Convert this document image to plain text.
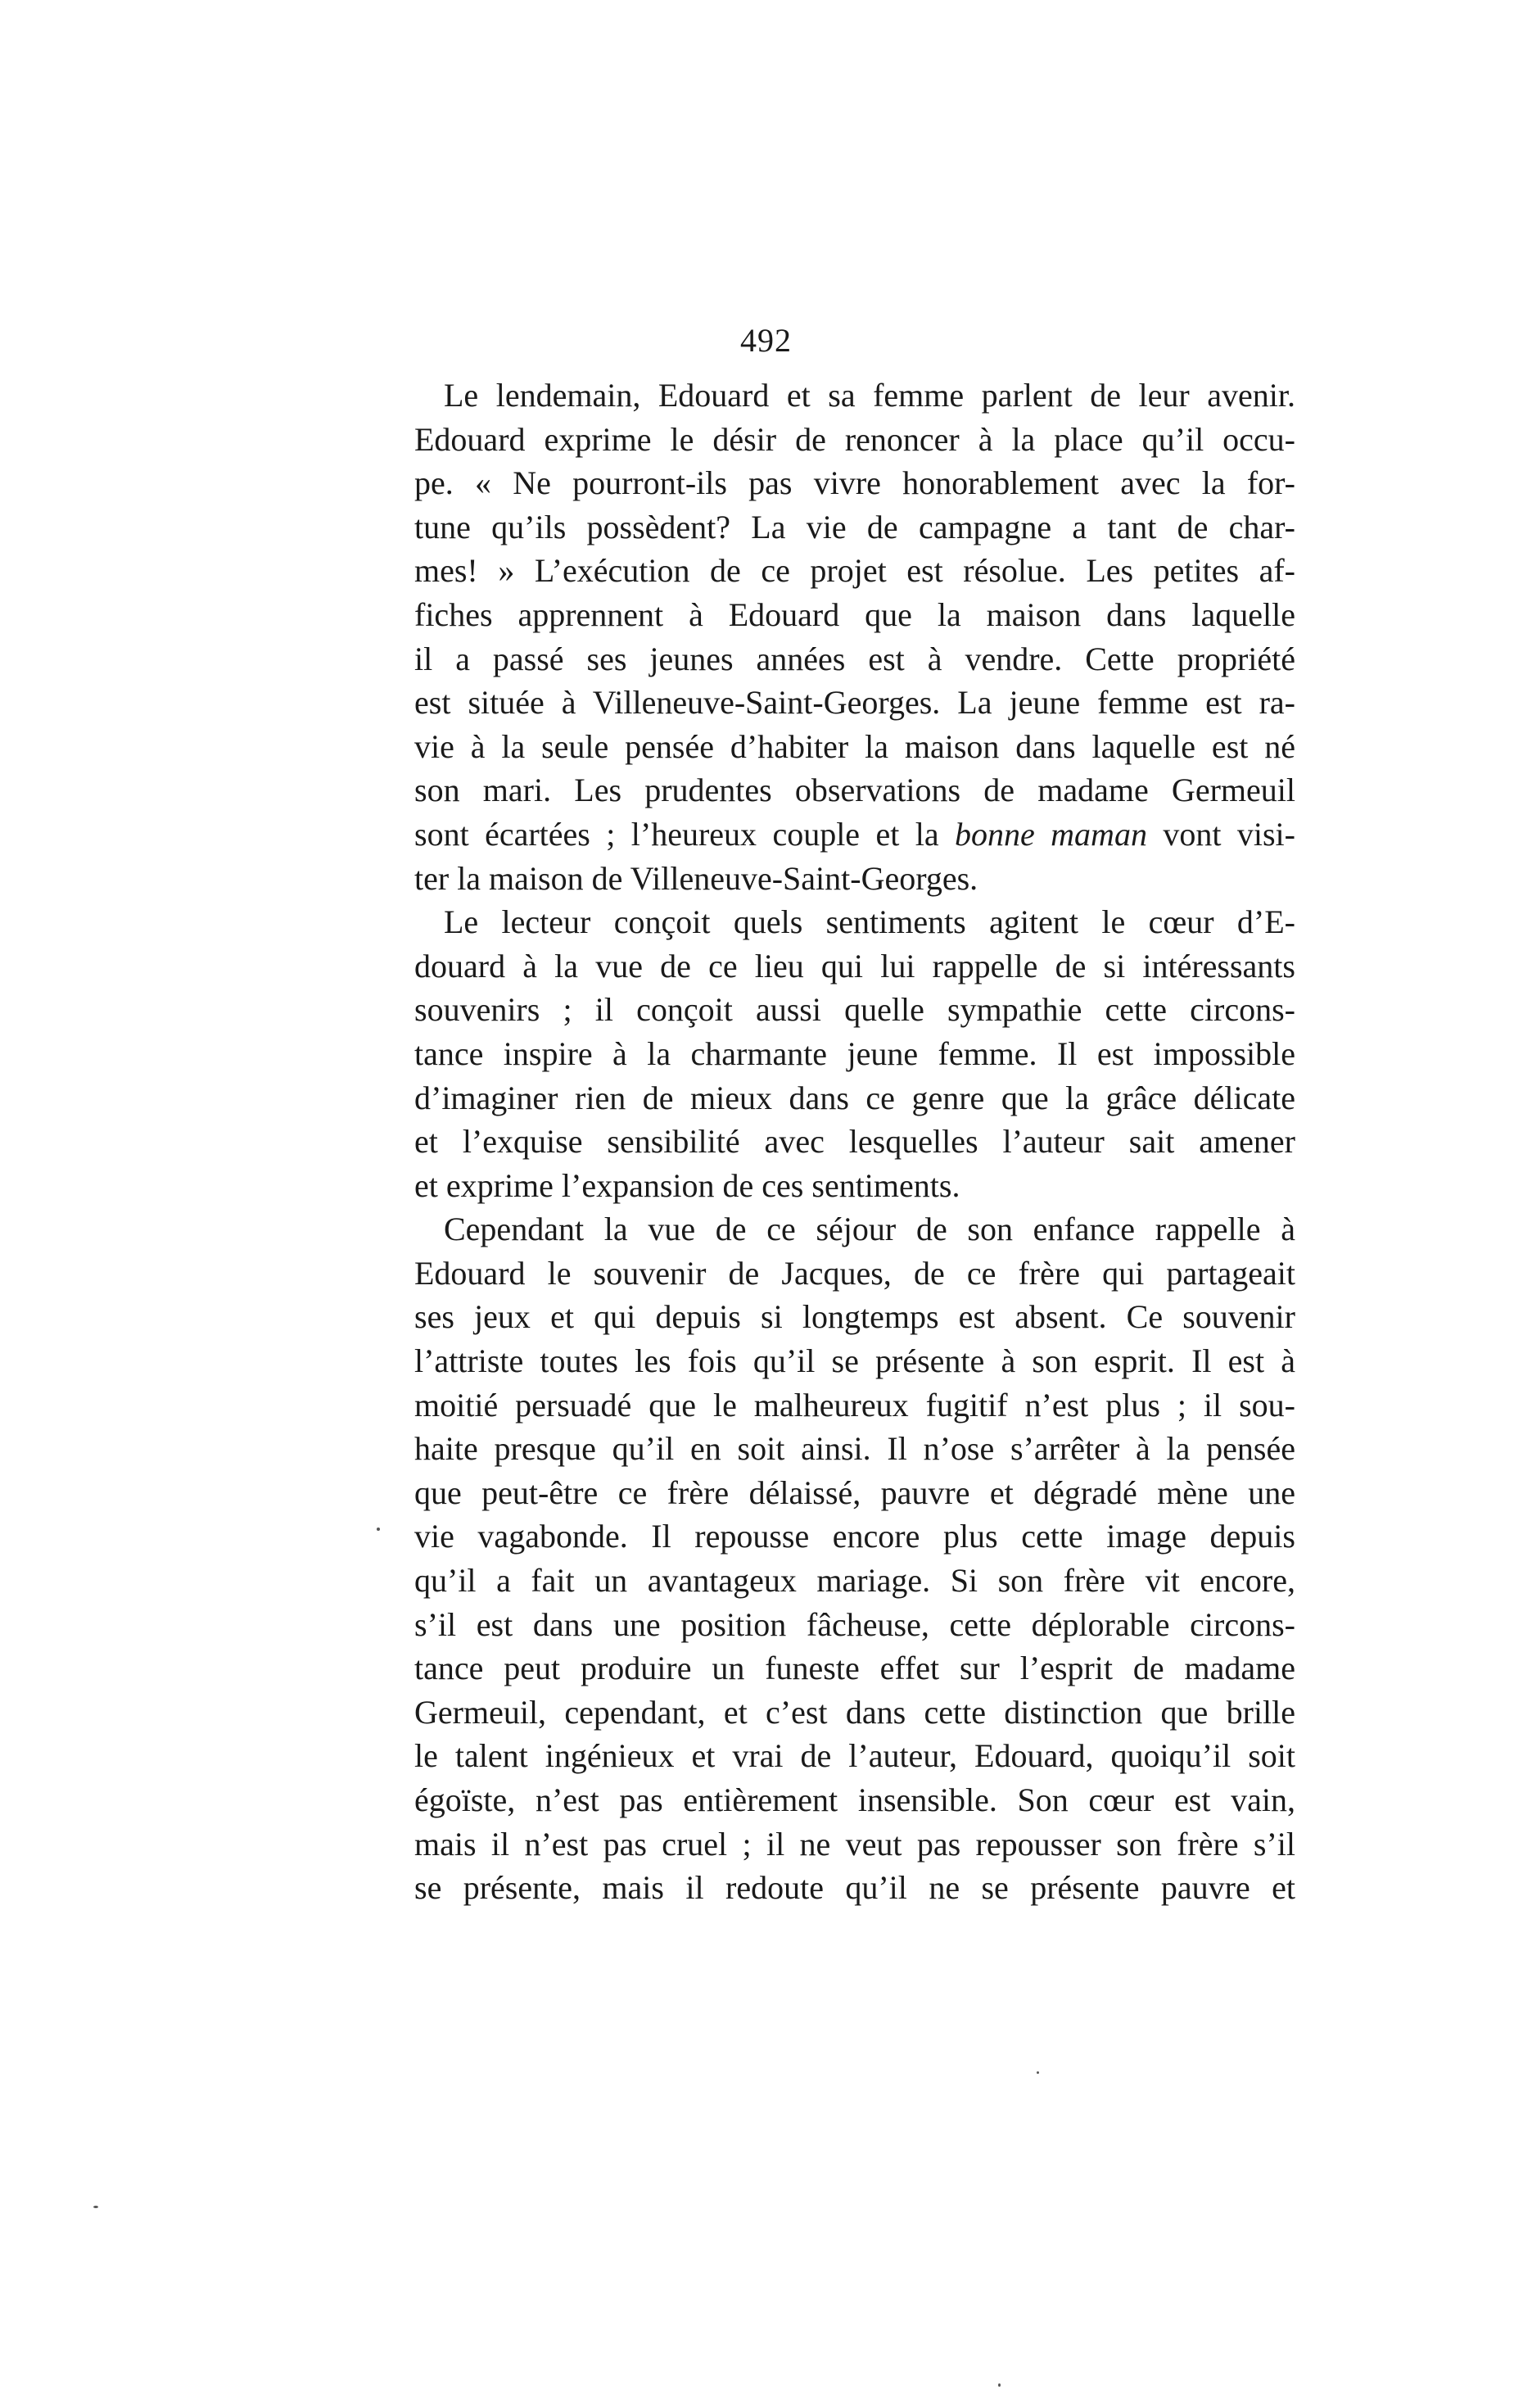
492
Le lendemain, Edouard et sa femme parlent de leur avenir.
Edouard exprime le désir de renoncer à la place qu’il occu-
pe. « Ne pourront-ils pas vivre honorablement avec la for-
tune qu’ils possèdent? La vie de campagne a tant de char-
mes! » L’exécution de ce projet est résolue. Les petites af-
fiches apprennent à Edouard que la maison dans laquelle
il a passé ses jeunes années est à vendre. Cette propriété
est située à Villeneuve-Saint-Georges. La jeune femme est ra-
vie à la seule pensée d’habiter la maison dans laquelle est né
son mari. Les prudentes observations de madame Germeuil
sont écartées ; l’heureux couple et la bonne maman vont visi-
ter la maison de Villeneuve-Saint-Georges.
Le lecteur conçoit quels sentiments agitent le cœur d’E-
douard à la vue de ce lieu qui lui rappelle de si intéressants
souvenirs ; il conçoit aussi quelle sympathie cette circons-
tance inspire à la charmante jeune femme. Il est impossible
d’imaginer rien de mieux dans ce genre que la grâce délicate
et l’exquise sensibilité avec lesquelles l’auteur sait amener
et exprime l’expansion de ces sentiments.
Cependant la vue de ce séjour de son enfance rappelle à
Edouard le souvenir de Jacques, de ce frère qui partageait
ses jeux et qui depuis si longtemps est absent. Ce souvenir
l’attriste toutes les fois qu’il se présente à son esprit. Il est à
moitié persuadé que le malheureux fugitif n’est plus ; il sou-
haite presque qu’il en soit ainsi. Il n’ose s’arrêter à la pensée
que peut-être ce frère délaissé, pauvre et dégradé mène une
vie vagabonde. Il repousse encore plus cette image depuis
qu’il a fait un avantageux mariage. Si son frère vit encore,
s’il est dans une position fâcheuse, cette déplorable circons-
tance peut produire un funeste effet sur l’esprit de madame
Germeuil, cependant, et c’est dans cette distinction que brille
le talent ingénieux et vrai de l’auteur, Edouard, quoiqu’il soit
égoïste, n’est pas entièrement insensible. Son cœur est vain,
mais il n’est pas cruel ; il ne veut pas repousser son frère s’il
se présente, mais il redoute qu’il ne se présente pauvre et
